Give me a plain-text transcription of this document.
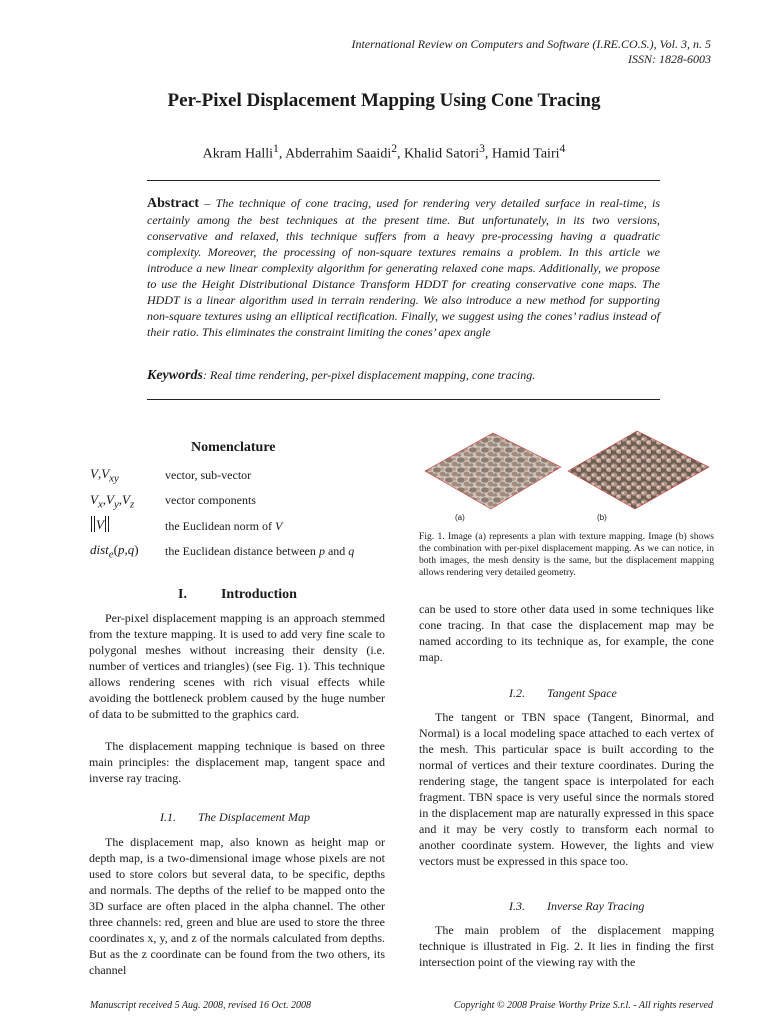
International Review on Computers and Software (I.RE.CO.S.), Vol. 3, n. 5
ISSN: 1828-6003
Per-Pixel Displacement Mapping Using Cone Tracing
Akram Halli$^1$, Abderrahim Saaidi$^2$, Khalid Satori$^3$, Hamid Tairi$^4$
Abstract – The technique of cone tracing, used for rendering very detailed surface in real-time, is certainly among the best techniques at the present time. But unfortunately, in its two versions, conservative and relaxed, this technique suffers from a heavy pre-processing having a quadratic complexity. Moreover, the processing of non-square textures remains a problem. In this article we introduce a new linear complexity algorithm for generating relaxed cone maps. Additionally, we propose to use the Height Distributional Distance Transform HDDT for creating conservative cone maps. The HDDT is a linear algorithm used in terrain rendering. We also introduce a new method for supporting non-square textures using an elliptical rectification. Finally, we suggest using the cones’ radius instead of their ratio. This eliminates the constraint limiting the cones’ apex angle
Keywords: Real time rendering, per-pixel displacement mapping, cone tracing.
Nomenclature
$V,V_{xy}$	vector, sub-vector
$V_x,V_y,V_z$	vector components
V	the Euclidean norm of V
dist$_e$(p,q) the Euclidean distance between p and q
I. Introduction
Per-pixel displacement mapping is an approach stemmed from the texture mapping. It is used to add very fine scale to polygonal meshes without increasing their density (i.e. number of vertices and triangles) (see Fig. 1). This technique allows rendering scenes with rich visual effects while avoiding the bottleneck problem caused by the huge number of data to be submitted to the graphics card.
The displacement mapping technique is based on three main principles: the displacement map, tangent space and inverse ray tracing.
I.1. The Displacement Map
The displacement map, also known as height map or depth map, is a two-dimensional image whose pixels are not used to store colors but several data, to be specific, depths and normals. The depths of the relief to be mapped onto the 3D surface are often placed in the alpha channel. The other three channels: red, green and blue are used to store the three coordinates x, y, and z of the normals calculated from depths. But as the z coordinate can be found from the two others, its channel
(a)	(b)
Fig. 1. Image (a) represents a plan with texture mapping. Image (b) shows the combination with per-pixel displacement mapping. As we can notice, in both images, the mesh density is the same, but the displacement mapping allows rendering very detailed geometry.
can be used to store other data used in some techniques like cone tracing. In that case the displacement map may be named according to its technique as, for example, the cone map.
I.2. Tangent Space
The tangent or TBN space (Tangent, Binormal, and Normal) is a local modeling space attached to each vertex of the mesh. This particular space is built according to the normal of vertices and their texture coordinates. During the rendering stage, the tangent space is interpolated for each fragment. TBN space is very useful since the normals stored in the displacement map are naturally expressed in this space and it may be very costly to transform each normal to another coordinate system. However, the lights and view vectors must be expressed in this space too.
I.3. Inverse Ray Tracing
The main problem of the displacement mapping technique is illustrated in Fig. 2. It lies in finding the first intersection point of the viewing ray with the
Manuscript received 5 Aug. 2008, revised 16 Oct. 2008	Copyright © 2008 Praise Worthy Prize S.r.l. - All rights reserved
